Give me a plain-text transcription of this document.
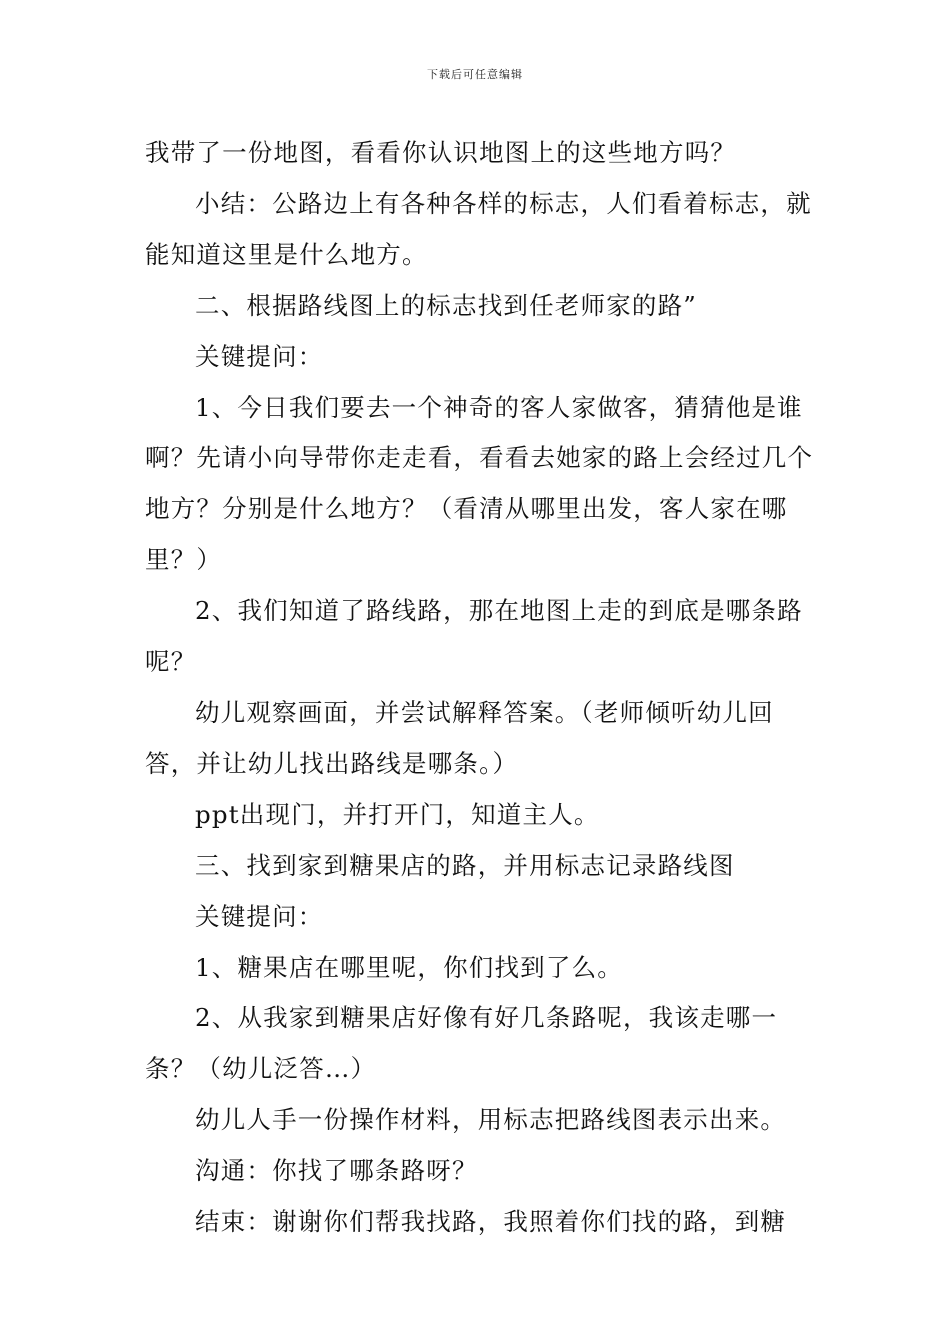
下载后可任意编辑

我带了一份地图，看看你认识地图上的这些地方吗？

小结：公路边上有各种各样的标志，人们看着标志，就能知道这里是什么地方。

二、根据路线图上的标志找到任老师家的路”

关键提问：

1、今日我们要去一个神奇的客人家做客，猜猜他是谁啊？先请小向导带你走走看，看看去她家的路上会经过几个地方？分别是什么地方？（看清从哪里出发，客人家在哪里？）

2、我们知道了路线路，那在地图上走的到底是哪条路呢？

幼儿观察画面，并尝试解释答案。（老师倾听幼儿回答，并让幼儿找出路线是哪条。）

ppt出现门，并打开门，知道主人。

三、找到家到糖果店的路，并用标志记录路线图

关键提问：

1、糖果店在哪里呢，你们找到了么。

2、从我家到糖果店好像有好几条路呢，我该走哪一条？（幼儿泛答…）

幼儿人手一份操作材料，用标志把路线图表示出来。

沟通：你找了哪条路呀？

结束：谢谢你们帮我找路，我照着你们找的路，到糖
